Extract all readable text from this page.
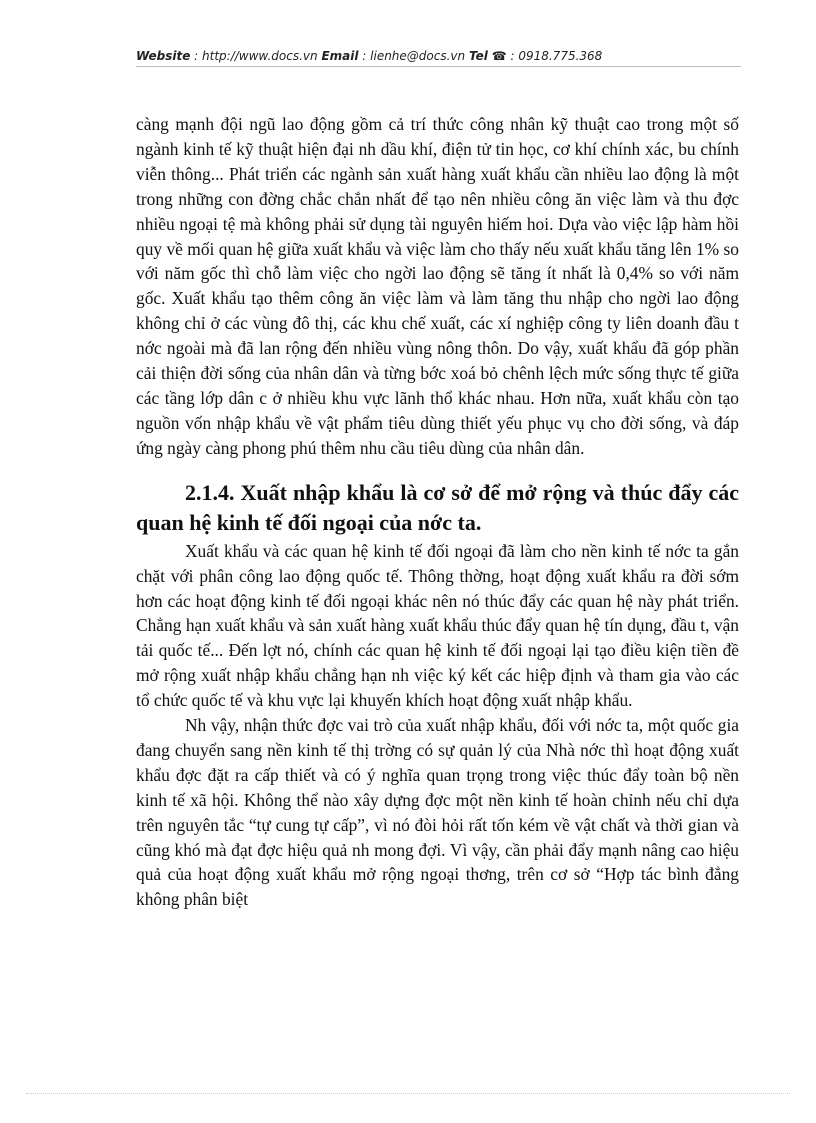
Website : http://www.docs.vn Email : lienhe@docs.vn Tel ☎ : 0918.775.368

càng mạnh đội ngũ lao động gồm cả trí thức công nhân kỹ thuật cao trong một số ngành kinh tế kỹ thuật hiện đại nh dầu khí, điện tử tin học, cơ khí chính xác, bu chính viễn thông... Phát triển các ngành sản xuất hàng xuất khẩu cần nhiều lao động là một trong những con đờng chắc chắn nhất để tạo nên nhiều công ăn việc làm và thu đợc nhiều ngoại tệ mà không phải sử dụng tài nguyên hiếm hoi. Dựa vào việc lập hàm hồi quy về mối quan hệ giữa xuất khẩu và việc làm cho thấy nếu xuất khẩu tăng lên 1% so với năm gốc thì chỗ làm việc cho ngời lao động sẽ tăng ít nhất là 0,4% so với năm gốc. Xuất khẩu tạo thêm công ăn việc làm và làm tăng thu nhập cho ngời lao động không chỉ ở các vùng đô thị, các khu chế xuất, các xí nghiệp công ty liên doanh đầu t nớc ngoài mà đã lan rộng đến nhiều vùng nông thôn. Do vậy, xuất khẩu đã góp phần cải thiện đời sống của nhân dân và từng bớc xoá bỏ chênh lệch mức sống thực tế giữa các tầng lớp dân c ở nhiều khu vực lãnh thổ khác nhau. Hơn nữa, xuất khẩu còn tạo nguồn vốn nhập khẩu về vật phẩm tiêu dùng thiết yếu phục vụ cho đời sống, và đáp ứng ngày càng phong phú thêm nhu cầu tiêu dùng của nhân dân.

2.1.4. Xuất nhập khẩu là cơ sở để mở rộng và thúc đẩy các quan hệ kinh tế đối ngoại của nớc ta.

Xuất khẩu và các quan hệ kinh tế đối ngoại đã làm cho nền kinh tế nớc ta gắn chặt với phân công lao động quốc tế. Thông thờng, hoạt động xuất khẩu ra đời sớm hơn các hoạt động kinh tế đối ngoại khác nên nó thúc đẩy các quan hệ này phát triển. Chẳng hạn xuất khẩu và sản xuất hàng xuất khẩu thúc đẩy quan hệ tín dụng, đầu t, vận tải quốc tế... Đến lợt nó, chính các quan hệ kinh tế đối ngoại lại tạo điều kiện tiền đề mở rộng xuất nhập khẩu chẳng hạn nh việc ký kết các hiệp định và tham gia vào các tổ chức quốc tế và khu vực lại khuyến khích hoạt động xuất nhập khẩu.

Nh vậy, nhận thức đợc vai trò của xuất nhập khẩu, đối với nớc ta, một quốc gia đang chuyển sang nền kinh tế thị trờng có sự quản lý của Nhà nớc thì hoạt động xuất khẩu đợc đặt ra cấp thiết và có ý nghĩa quan trọng trong việc thúc đẩy toàn bộ nền kinh tế xã hội. Không thể nào xây dựng đợc một nền kinh tế hoàn chỉnh nếu chỉ dựa trên nguyên tắc “tự cung tự cấp”, vì nó đòi hỏi rất tốn kém về vật chất và thời gian và cũng khó mà đạt đợc hiệu quả nh mong đợi. Vì vậy, cần phải đẩy mạnh nâng cao hiệu quả của hoạt động xuất khẩu mở rộng ngoại thơng, trên cơ sở “Hợp tác bình đẳng không phân biệt
